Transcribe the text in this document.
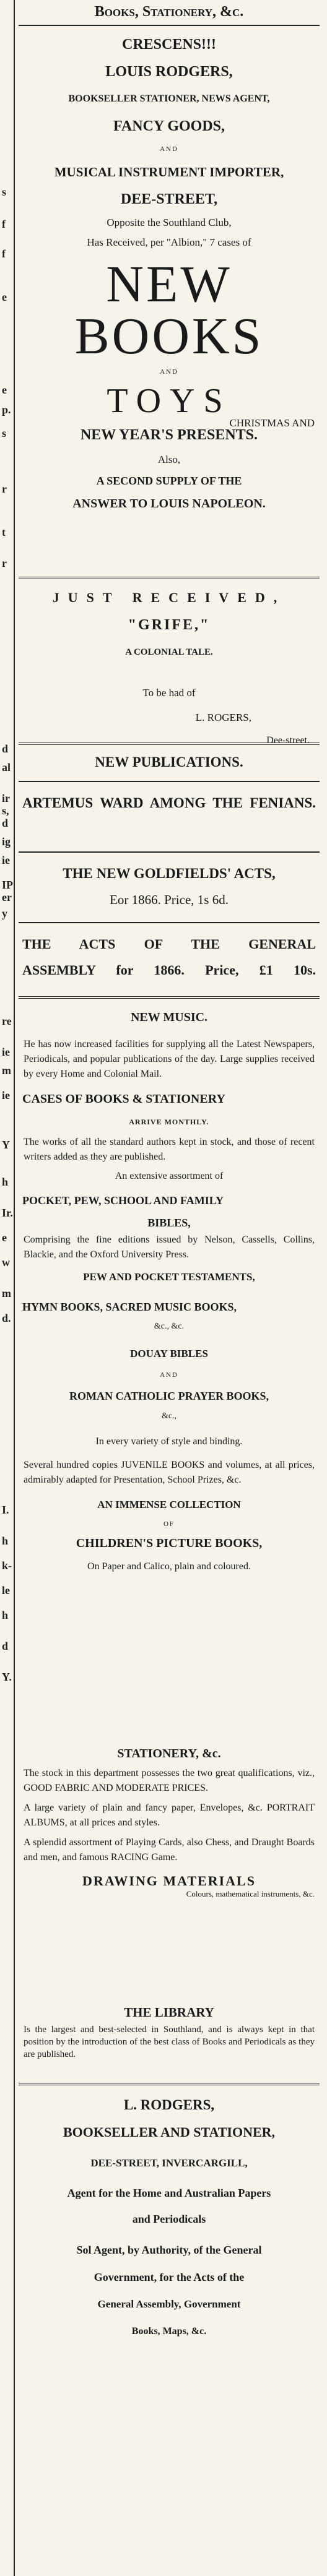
s
f
f
e
e
p.
s
r
t
r
d
al
ir
s,
d
ig
ie
IP
er
y
re
ie
m
ie
Y
h
Ir.
e
w
m
d.
I.
h
k-
le
h
d
Y.
Books, Stationery, &c.
CRESCENS!!!
LOUIS RODGERS,
BOOKSELLER STATIONER, NEWS AGENT,
FANCY GOODS,
AND
MUSICAL INSTRUMENT IMPORTER,
DEE-STREET,
Opposite the Southland Club,
Has Received, per "Albion," 7 cases of
NEW BOOKS
AND
TOYS
CHRISTMAS AND
NEW YEAR'S PRESENTS.
Also,
A SECOND SUPPLY OF THE
ANSWER TO LOUIS NAPOLEON.
JUST RECEIVED,
"GRIFE,"
A COLONIAL TALE.
To be had of
L. ROGERS,
Dee-street.
NEW PUBLICATIONS.
ARTEMUS WARD AMONG THE FENIANS.
THE NEW GOLDFIELDS' ACTS,
Eor 1866. Price, 1s 6d.
THE ACTS OF THE GENERAL
ASSEMBLY for 1866. Price, £1 10s.
NEW MUSIC.
He has now increased facilities for supplying all the Latest Newspapers, Periodicals, and popular publications of the day. Large supplies received by every Home and Colonial Mail.
CASES OF BOOKS & STATIONERY
ARRIVE MONTHLY.
The works of all the standard authors kept in stock, and those of recent writers added as they are published.
An extensive assortment of
POCKET, PEW, SCHOOL AND FAMILY
BIBLES,
Comprising the fine editions issued by Nelson, Cassells, Collins, Blackie, and the Oxford University Press.
PEW AND POCKET TESTAMENTS,
HYMN BOOKS, SACRED MUSIC BOOKS,
&c., &c.
DOUAY BIBLES
AND
ROMAN CATHOLIC PRAYER BOOKS,
&c.,
In every variety of style and binding.
Several hundred copies JUVENILE BOOKS and volumes, at all prices, admirably adapted for Presentation, School Prizes, &c.
AN IMMENSE COLLECTION
OF
CHILDREN'S PICTURE BOOKS,
On Paper and Calico, plain and coloured.
STATIONERY, &c.
The stock in this department possesses the two great qualifications, viz., GOOD FABRIC AND MODERATE PRICES.
A large variety of plain and fancy paper, Envelopes, &c. PORTRAIT ALBUMS, at all prices and styles.
A splendid assortment of Playing Cards, also Chess, and Draught Boards and men, and famous RACING Game.
DRAWING MATERIALS
Colours, mathematical instruments, &c.
THE LIBRARY
Is the largest and best-selected in Southland, and is always kept in that position by the introduction of the best class of Books and Periodicals as they are published.
L. RODGERS,
BOOKSELLER AND STATIONER,
DEE-STREET, INVERCARGILL,
Agent for the Home and Australian Papers
and Periodicals
Sol Agent, by Authority, of the General
Government, for the Acts of the
General Assembly, Government
Books, Maps, &c.
